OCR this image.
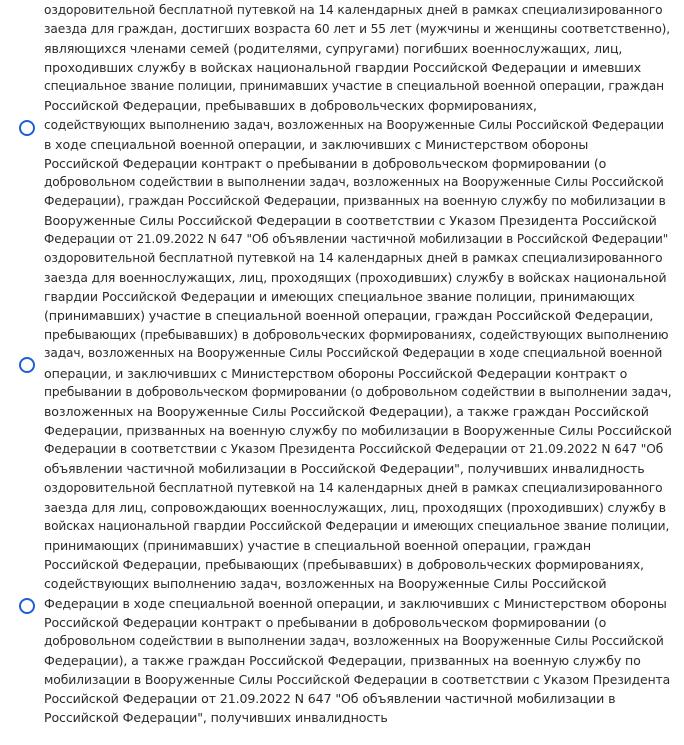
оздоровительной бесплатной путевкой на 14 календарных дней в рамках специализированного
заезда для граждан, достигших возраста 60 лет и 55 лет (мужчины и женщины соответственно),
являющихся членами семей (родителями, супругами) погибших военнослужащих, лиц,
проходивших службу в войсках национальной гвардии Российской Федерации и имевших
специальное звание полиции, принимавших участие в специальной военной операции, граждан
Российской Федерации, пребывавших в добровольческих формированиях,
содействующих выполнению задач, возложенных на Вооруженные Силы Российской Федерации
в ходе специальной военной операции, и заключивших с Министерством обороны
Российской Федерации контракт о пребывании в добровольческом формировании (о
добровольном содействии в выполнении задач, возложенных на Вооруженные Силы Российской
Федерации), граждан Российской Федерации, призванных на военную службу по мобилизации в
Вооруженные Силы Российской Федерации в соответствии с Указом Президента Российской
Федерации от 21.09.2022 N 647 "Об объявлении частичной мобилизации в Российской Федерации"
оздоровительной бесплатной путевкой на 14 календарных дней в рамках специализированного
заезда для военнослужащих, лиц, проходящих (проходивших) службу в войсках национальной
гвардии Российской Федерации и имеющих специальное звание полиции, принимающих
(принимавших) участие в специальной военной операции, граждан Российской Федерации,
пребывающих (пребывавших) в добровольческих формированиях, содействующих выполнению
задач, возложенных на Вооруженные Силы Российской Федерации в ходе специальной военной
операции, и заключивших с Министерством обороны Российской Федерации контракт о
пребывании в добровольческом формировании (о добровольном содействии в выполнении задач,
возложенных на Вооруженные Силы Российской Федерации), а также граждан Российской
Федерации, призванных на военную службу по мобилизации в Вооруженные Силы Российской
Федерации в соответствии с Указом Президента Российской Федерации от 21.09.2022 N 647 "Об
объявлении частичной мобилизации в Российской Федерации", получивших инвалидность
оздоровительной бесплатной путевкой на 14 календарных дней в рамках специализированного
заезда для лиц, сопровождающих военнослужащих, лиц, проходящих (проходивших) службу в
войсках национальной гвардии Российской Федерации и имеющих специальное звание полиции,
принимающих (принимавших) участие в специальной военной операции, граждан
Российской Федерации, пребывающих (пребывавших) в добровольческих формированиях,
содействующих выполнению задач, возложенных на Вооруженные Силы Российской
Федерации в ходе специальной военной операции, и заключивших с Министерством обороны
Российской Федерации контракт о пребывании в добровольческом формировании (о
добровольном содействии в выполнении задач, возложенных на Вооруженные Силы Российской
Федерации), а также граждан Российской Федерации, призванных на военную службу по
мобилизации в Вооруженные Силы Российской Федерации в соответствии с Указом Президента
Российской Федерации от 21.09.2022 N 647 "Об объявлении частичной мобилизации в
Российской Федерации", получивших инвалидность
